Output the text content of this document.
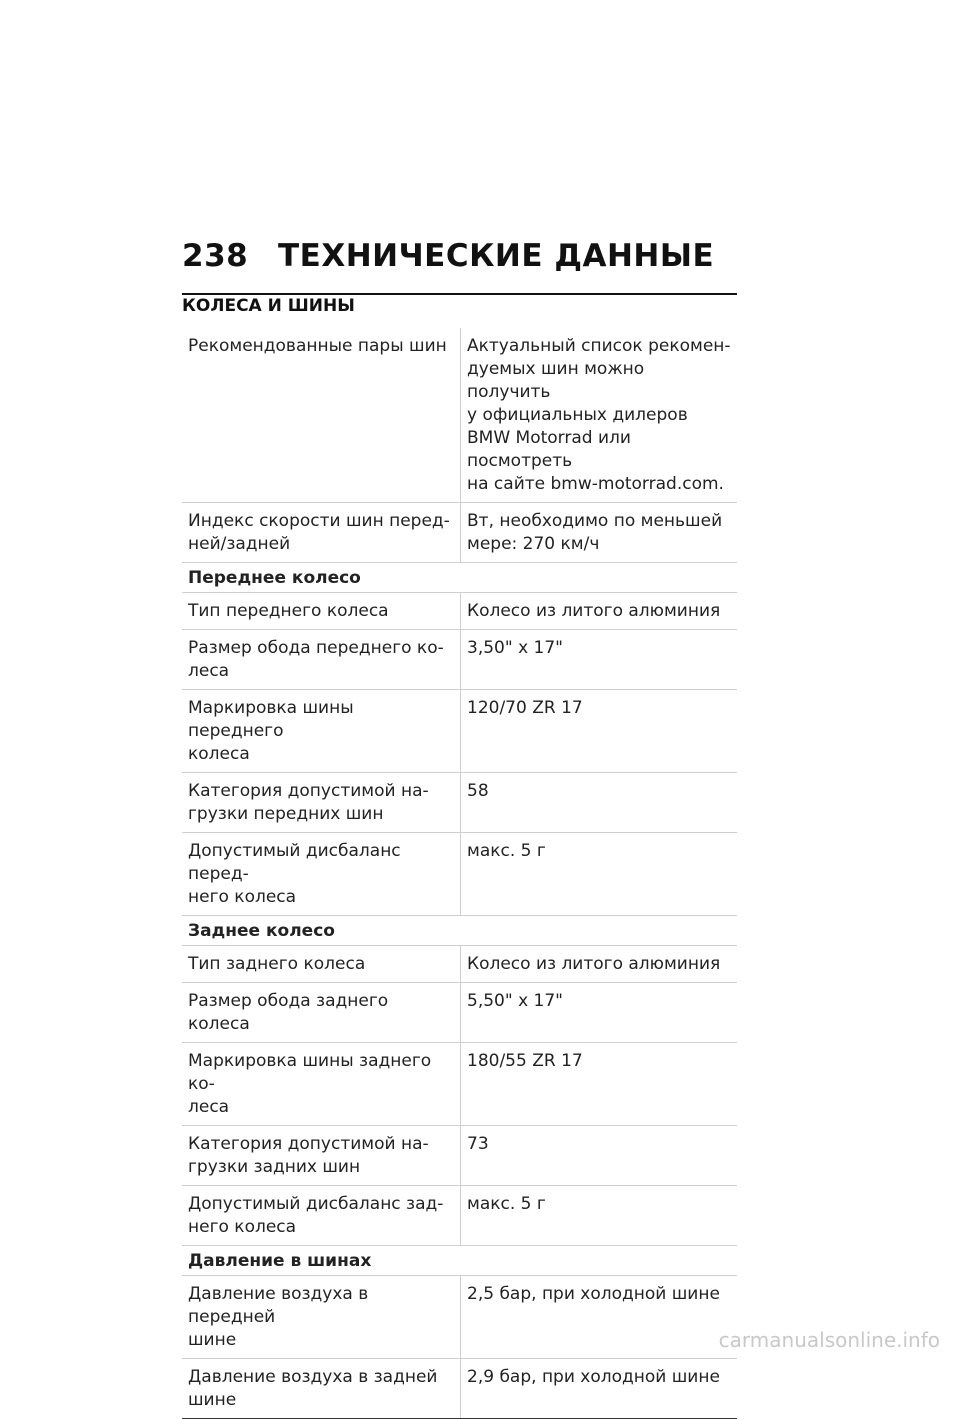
238 ТЕХНИЧЕСКИЕ ДАННЫЕ
КОЛЕСА И ШИНЫ
Рекомендованные пары шин	Актуальный список рекомен-
дуемых шин можно получить
у официальных дилеров
BMW Motorrad или посмотреть
на сайте bmw-motorrad.com.
Индекс скорости шин перед-
ней/задней	Вт, необходимо по меньшей
мере: 270 км/ч
Переднее колесо	
Тип переднего колеса	Колесо из литого алюминия
Размер обода переднего ко-
леса	3,50" x 17"
Маркировка шины переднего
колеса	120/70 ZR 17
Категория допустимой на-
грузки передних шин	58
Допустимый дисбаланс перед-
него колеса	макс. 5 г
Заднее колесо	
Тип заднего колеса	Колесо из литого алюминия
Размер обода заднего колеса	5,50" x 17"
Маркировка шины заднего ко-
леса	180/55 ZR 17
Категория допустимой на-
грузки задних шин	73
Допустимый дисбаланс зад-
него колеса	макс. 5 г
Давление в шинах	
Давление воздуха в передней
шине	2,5 бар, при холодной шине
Давление воздуха в задней
шине	2,9 бар, при холодной шине
carmanualsonline.info
